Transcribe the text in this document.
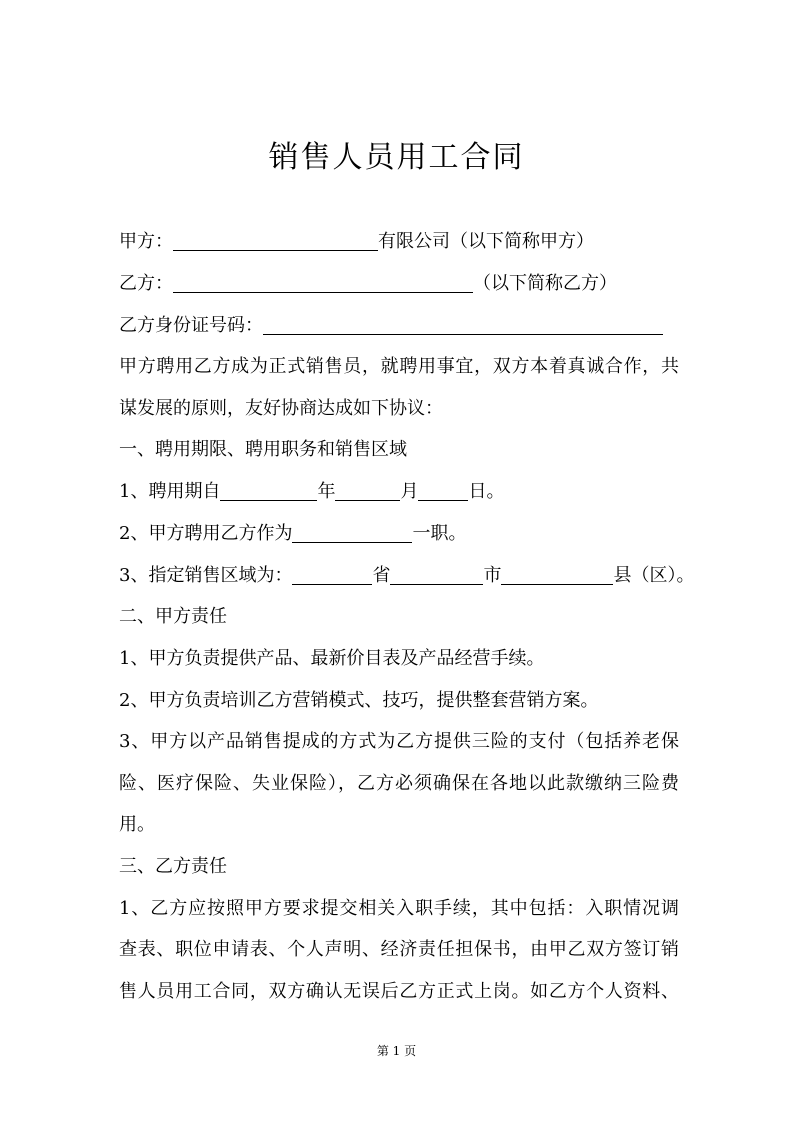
销售人员用工合同
甲方：	有限公司（以下简称甲方）
乙方：	（以下简称乙方）
乙方身份证号码：
甲方聘用乙方成为正式销售员，就聘用事宜，双方本着真诚合作，共
谋发展的原则，友好协商达成如下协议：
一、聘用期限、聘用职务和销售区域
1、聘用期自	年	月	日。
2、甲方聘用乙方作为	一职。
3、指定销售区域为：	省	市	县（区）。
二、甲方责任
1、甲方负责提供产品、最新价目表及产品经营手续。
2、甲方负责培训乙方营销模式、技巧，提供整套营销方案。
3、甲方以产品销售提成的方式为乙方提供三险的支付（包括养老保
险、医疗保险、失业保险），乙方必须确保在各地以此款缴纳三险费
用。
三、乙方责任
1、乙方应按照甲方要求提交相关入职手续，其中包括：入职情况调
查表、职位申请表、个人声明、经济责任担保书，由甲乙双方签订销
售人员用工合同，双方确认无误后乙方正式上岗。如乙方个人资料、
第 1 页
